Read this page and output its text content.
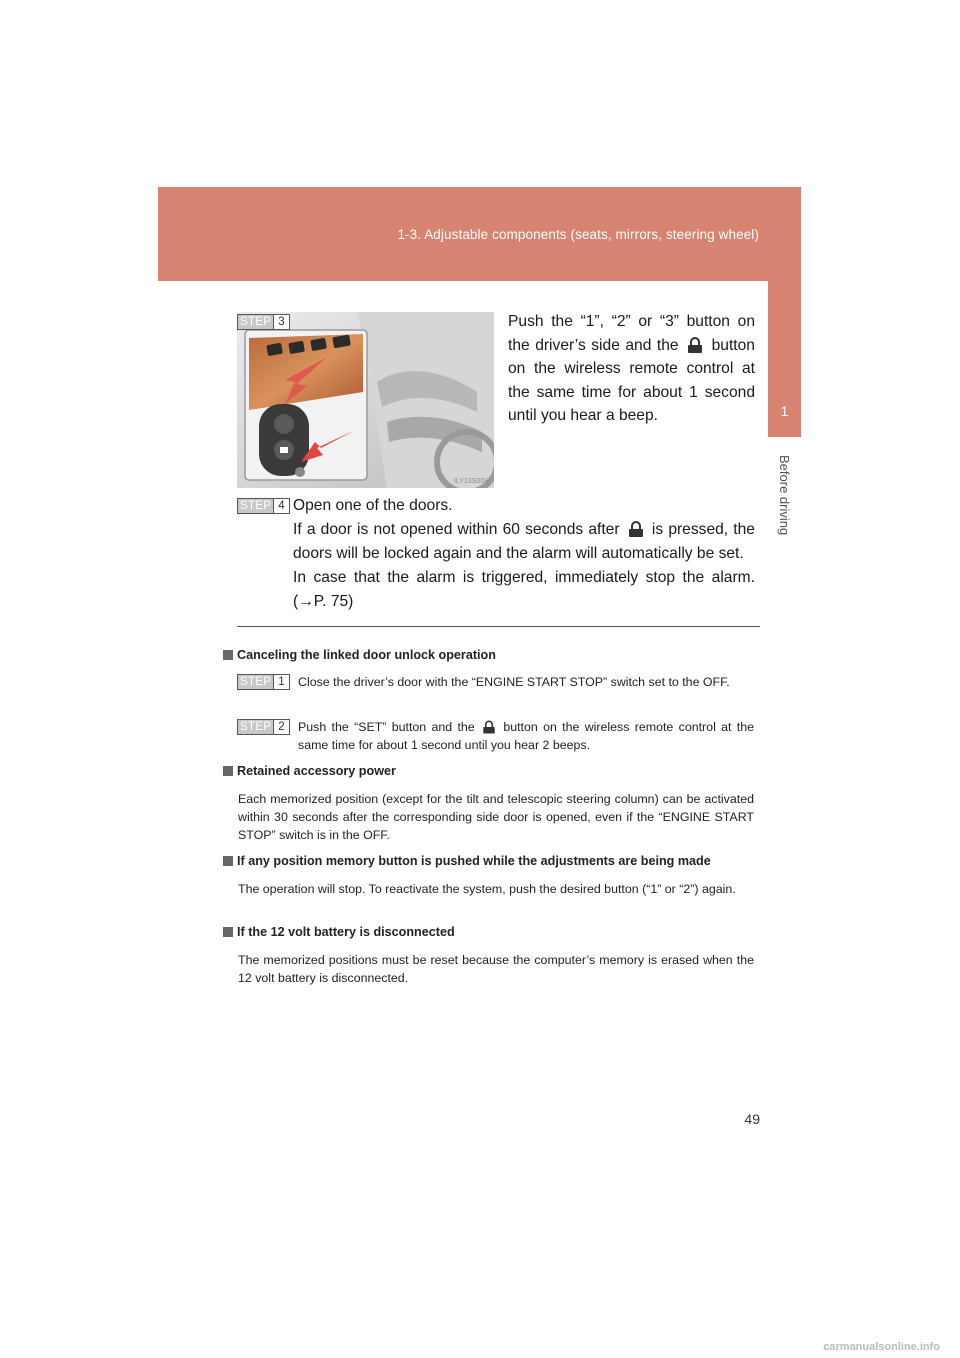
1-3. Adjustable components (seats, mirrors, steering wheel)
1
Before driving
ILY13S003
STEP 3	Push the “1”, “2” or “3” button on the driver’s side and the button on the wireless remote control at the same time for about 1 second until you hear a beep.
STEP 4 Open one of the doors.
If a door is not opened within 60 seconds after is pressed, the doors will be locked again and the alarm will automatically be set.
In case that the alarm is triggered, immediately stop the alarm. (→P. 75)
Canceling the linked door unlock operation
STEP 1	Close the driver’s door with the “ENGINE START STOP” switch set to the OFF.
STEP 2	Push the “SET” button and the button on the wireless remote control at the same time for about 1 second until you hear 2 beeps.
Retained accessory power
Each memorized position (except for the tilt and telescopic steering column) can be activated within 30 seconds after the corresponding side door is opened, even if the “ENGINE START STOP” switch is in the OFF.
If any position memory button is pushed while the adjustments are being made
The operation will stop. To reactivate the system, push the desired button (“1” or “2”) again.
If the 12 volt battery is disconnected
The memorized positions must be reset because the computer’s memory is erased when the 12 volt battery is disconnected.
49
carmanualsonline.info
